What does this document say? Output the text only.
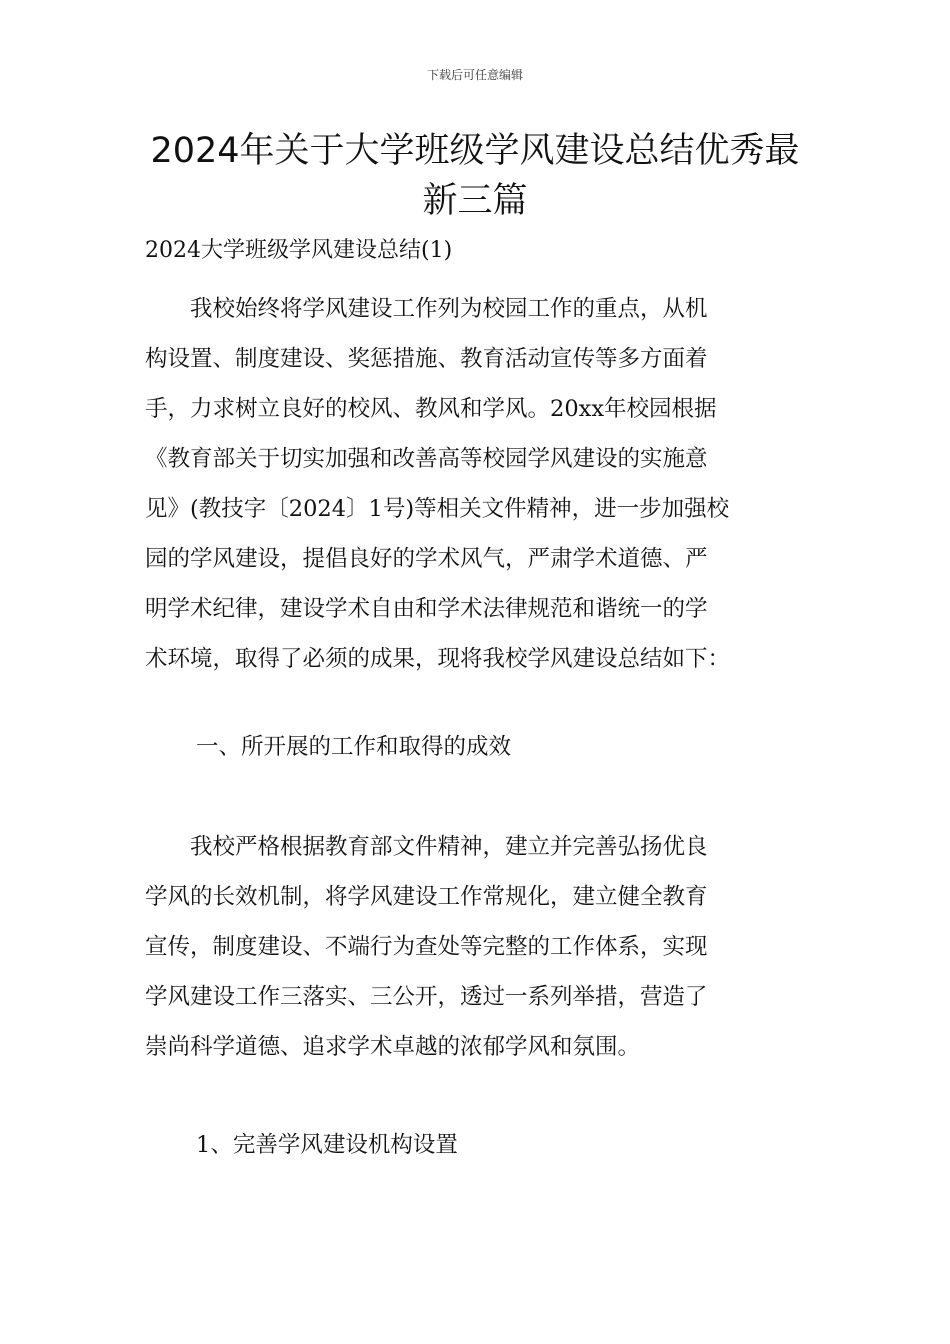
下载后可任意编辑
2024年关于大学班级学风建设总结优秀最
新三篇
2024大学班级学风建设总结(1)
　　我校始终将学风建设工作列为校园工作的重点，从机
构设置、制度建设、奖惩措施、教育活动宣传等多方面着
手，力求树立良好的校风、教风和学风。20xx年校园根据
《教育部关于切实加强和改善高等校园学风建设的实施意
见》(教技字〔2024〕1号)等相关文件精神，进一步加强校
园的学风建设，提倡良好的学术风气，严肃学术道德、严
明学术纪律，建设学术自由和学术法律规范和谐统一的学
术环境，取得了必须的成果，现将我校学风建设总结如下：
一、所开展的工作和取得的成效
　　我校严格根据教育部文件精神，建立并完善弘扬优良
学风的长效机制，将学风建设工作常规化，建立健全教育
宣传，制度建设、不端行为查处等完整的工作体系，实现
学风建设工作三落实、三公开，透过一系列举措，营造了
崇尚科学道德、追求学术卓越的浓郁学风和氛围。
1、完善学风建设机构设置
